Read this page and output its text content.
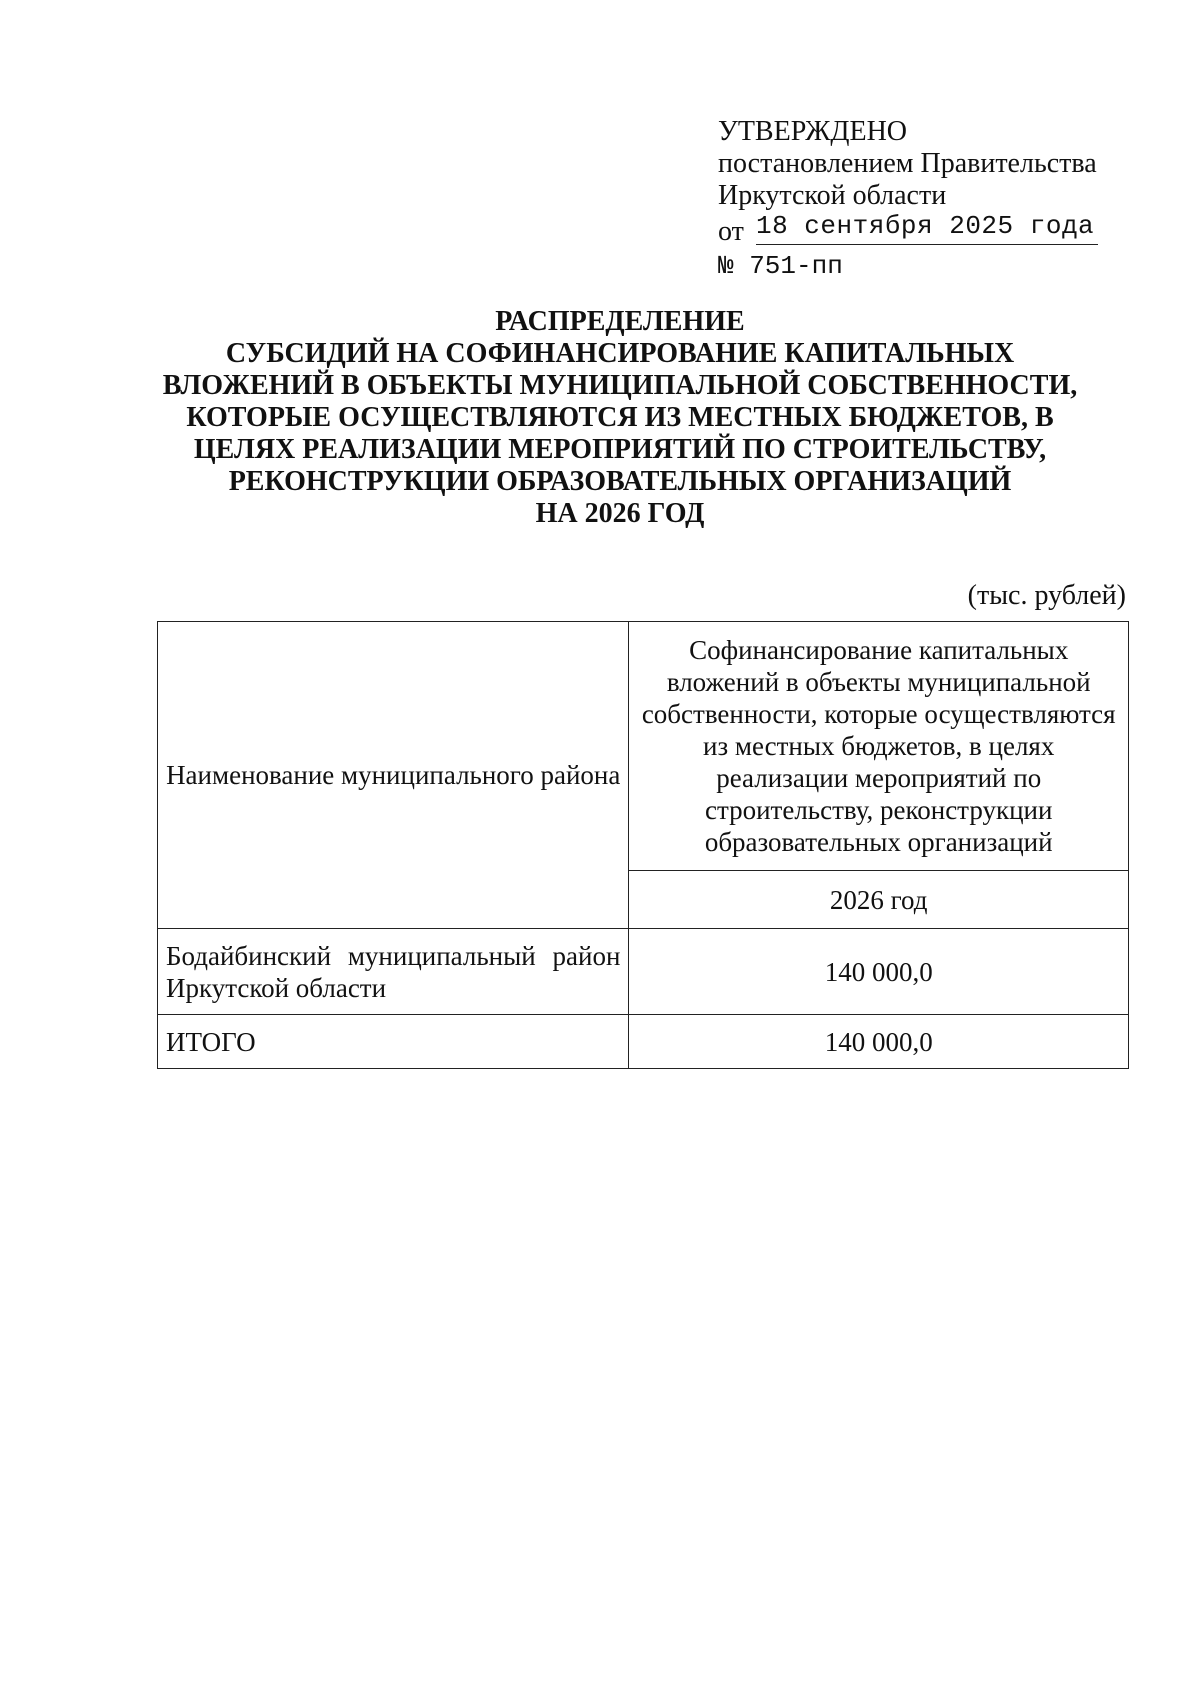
УТВЕРЖДЕНО
постановлением Правительства
Иркутской области
от 18 сентября 2025 года
№ 751-пп
РАСПРЕДЕЛЕНИЕ
СУБСИДИЙ НА СОФИНАНСИРОВАНИЕ КАПИТАЛЬНЫХ
ВЛОЖЕНИЙ В ОБЪЕКТЫ МУНИЦИПАЛЬНОЙ СОБСТВЕННОСТИ,
КОТОРЫЕ ОСУЩЕСТВЛЯЮТСЯ ИЗ МЕСТНЫХ БЮДЖЕТОВ, В
ЦЕЛЯХ РЕАЛИЗАЦИИ МЕРОПРИЯТИЙ ПО СТРОИТЕЛЬСТВУ,
РЕКОНСТРУКЦИИ ОБРАЗОВАТЕЛЬНЫХ ОРГАНИЗАЦИЙ
НА 2026 ГОД
(тыс. рублей)
Наименование муниципального района	Софинансирование капитальных вложений в объекты муниципальной собственности, которые осуществляются из местных бюджетов, в целях реализации мероприятий по строительству, реконструкции образовательных организаций
	2026 год
Бодайбинский муниципальный район Иркутской области	140 000,0
ИТОГО	140 000,0
